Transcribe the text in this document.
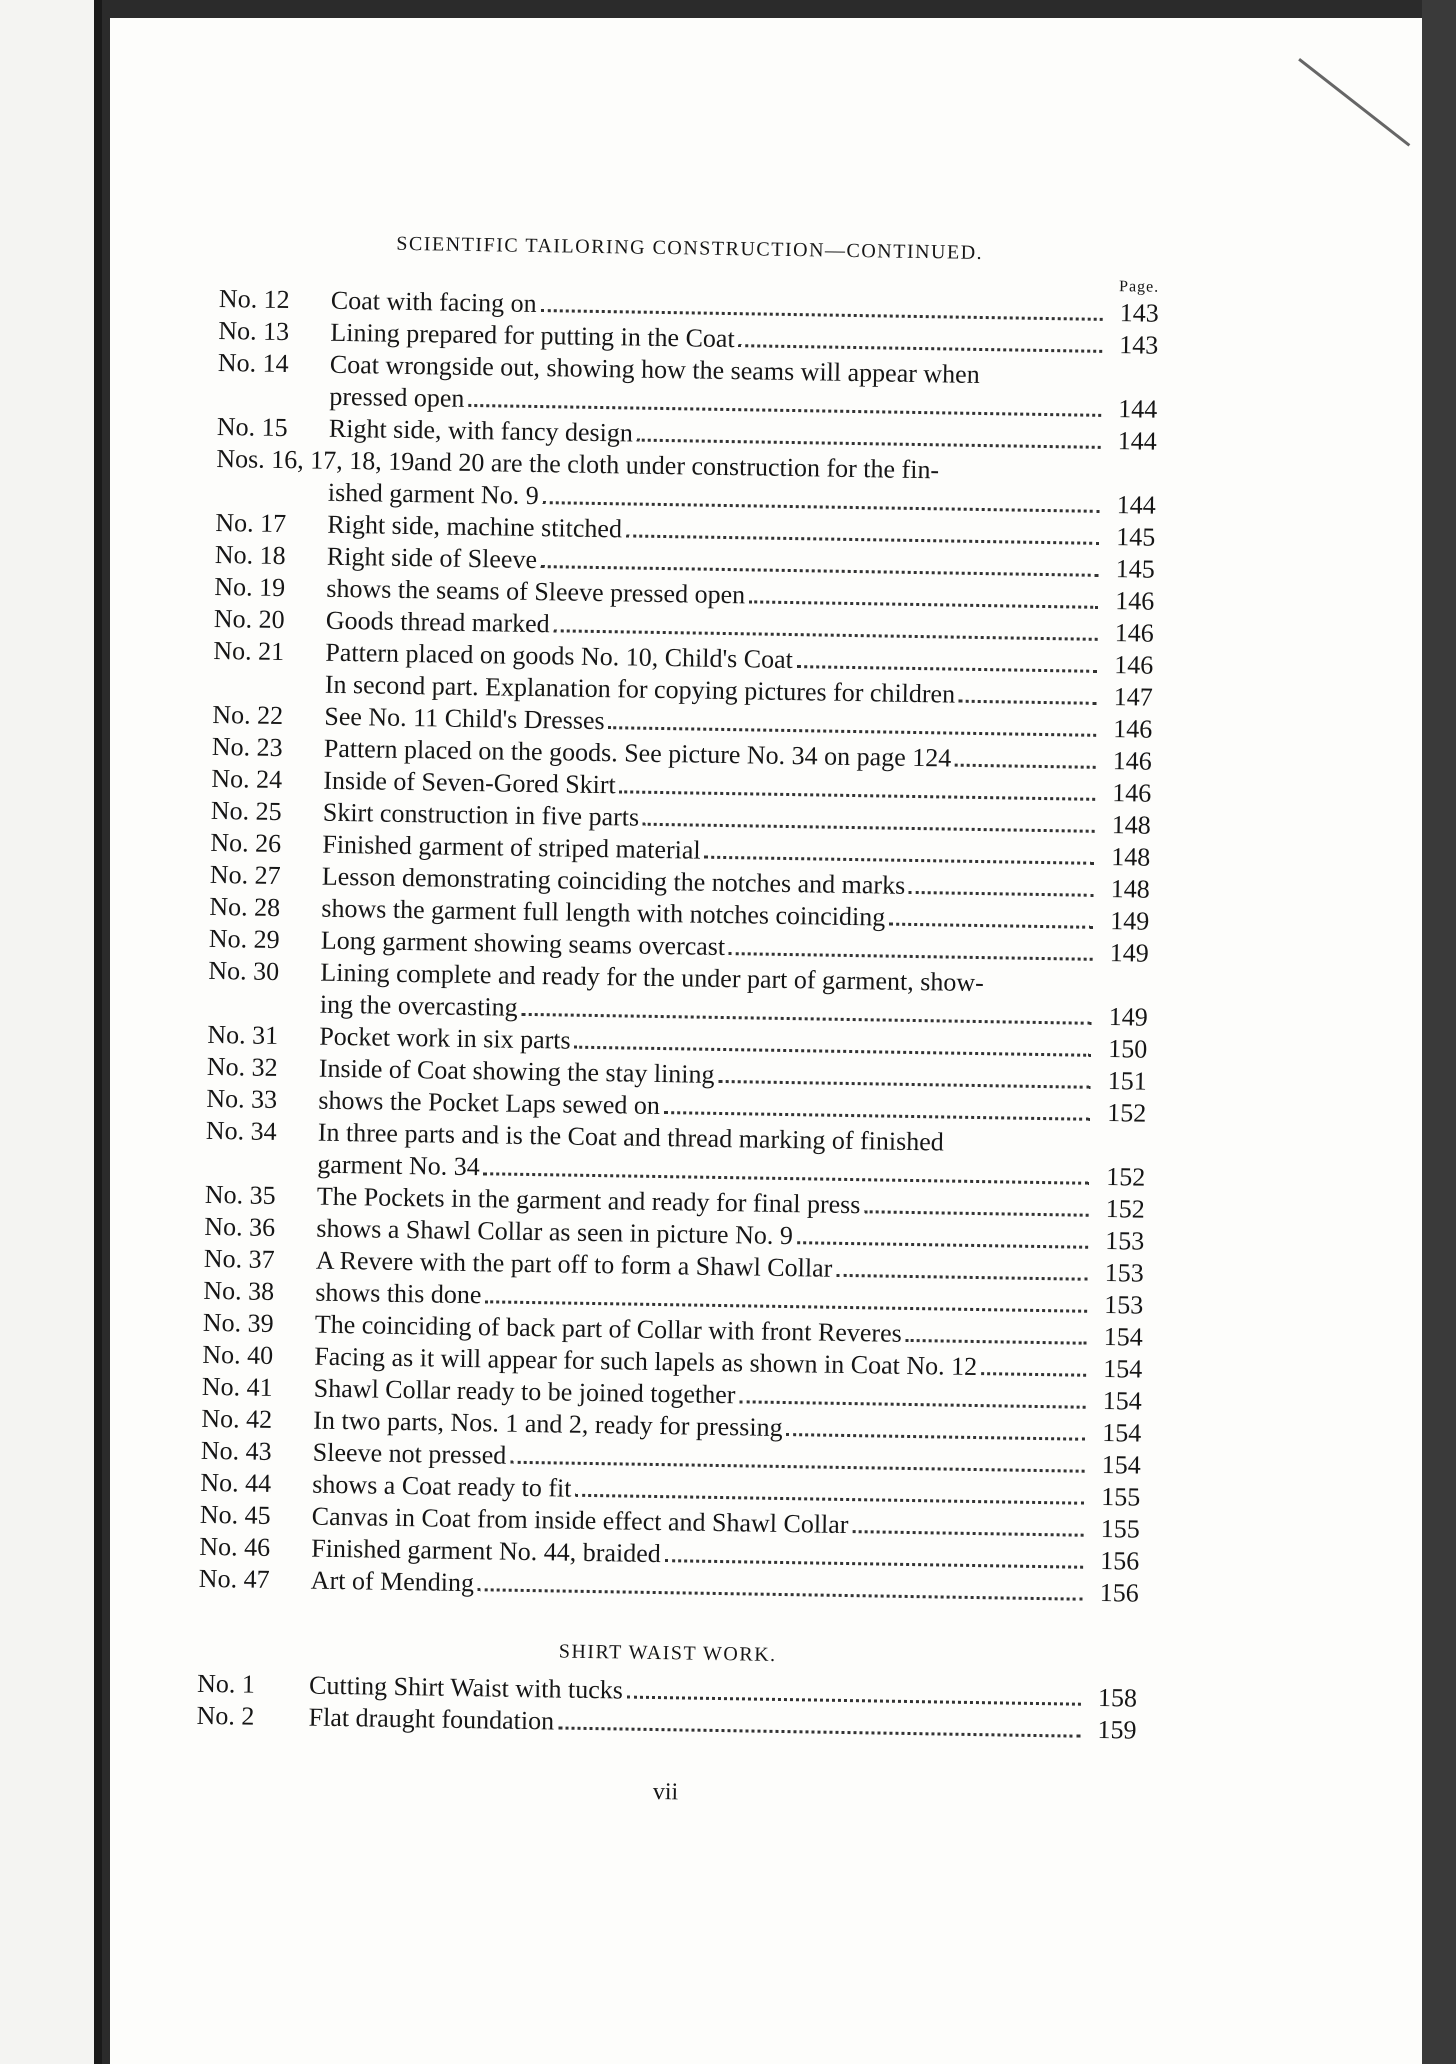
SCIENTIFIC TAILORING CONSTRUCTION—CONTINUED.
Page.
No. 12	Coat with facing on	143
No. 13	Lining prepared for putting in the Coat	143
No. 14	Coat wrongside out, showing how the seams will appear when
pressed open	144
No. 15	Right side, with fancy design	144
Nos. 16, 17, 18, 19 and 20 are the cloth under construction for the fin-
ished garment No. 9	144
No. 17	Right side, machine stitched	145
No. 18	Right side of Sleeve	145
No. 19	shows the seams of Sleeve pressed open	146
No. 20	Goods thread marked	146
No. 21	Pattern placed on goods No. 10, Child's Coat	146
In second part. Explanation for copying pictures for children	147
No. 22	See No. 11 Child's Dresses	146
No. 23	Pattern placed on the goods. See picture No. 34 on page 124	146
No. 24	Inside of Seven-Gored Skirt	146
No. 25	Skirt construction in five parts	148
No. 26	Finished garment of striped material	148
No. 27	Lesson demonstrating coinciding the notches and marks	148
No. 28	shows the garment full length with notches coinciding	149
No. 29	Long garment showing seams overcast	149
No. 30	Lining complete and ready for the under part of garment, show-
ing the overcasting	149
No. 31	Pocket work in six parts	150
No. 32	Inside of Coat showing the stay lining	151
No. 33	shows the Pocket Laps sewed on	152
No. 34	In three parts and is the Coat and thread marking of finished
garment No. 34	152
No. 35	The Pockets in the garment and ready for final press	152
No. 36	shows a Shawl Collar as seen in picture No. 9	153
No. 37	A Revere with the part off to form a Shawl Collar	153
No. 38	shows this done	153
No. 39	The coinciding of back part of Collar with front Reveres	154
No. 40	Facing as it will appear for such lapels as shown in Coat No. 12	154
No. 41	Shawl Collar ready to be joined together	154
No. 42	In two parts, Nos. 1 and 2, ready for pressing	154
No. 43	Sleeve not pressed	154
No. 44	shows a Coat ready to fit	155
No. 45	Canvas in Coat from inside effect and Shawl Collar	155
No. 46	Finished garment No. 44, braided	156
No. 47	Art of Mending	156
SHIRT WAIST WORK.
No. 1	Cutting Shirt Waist with tucks	158
No. 2	Flat draught foundation	159
vii
